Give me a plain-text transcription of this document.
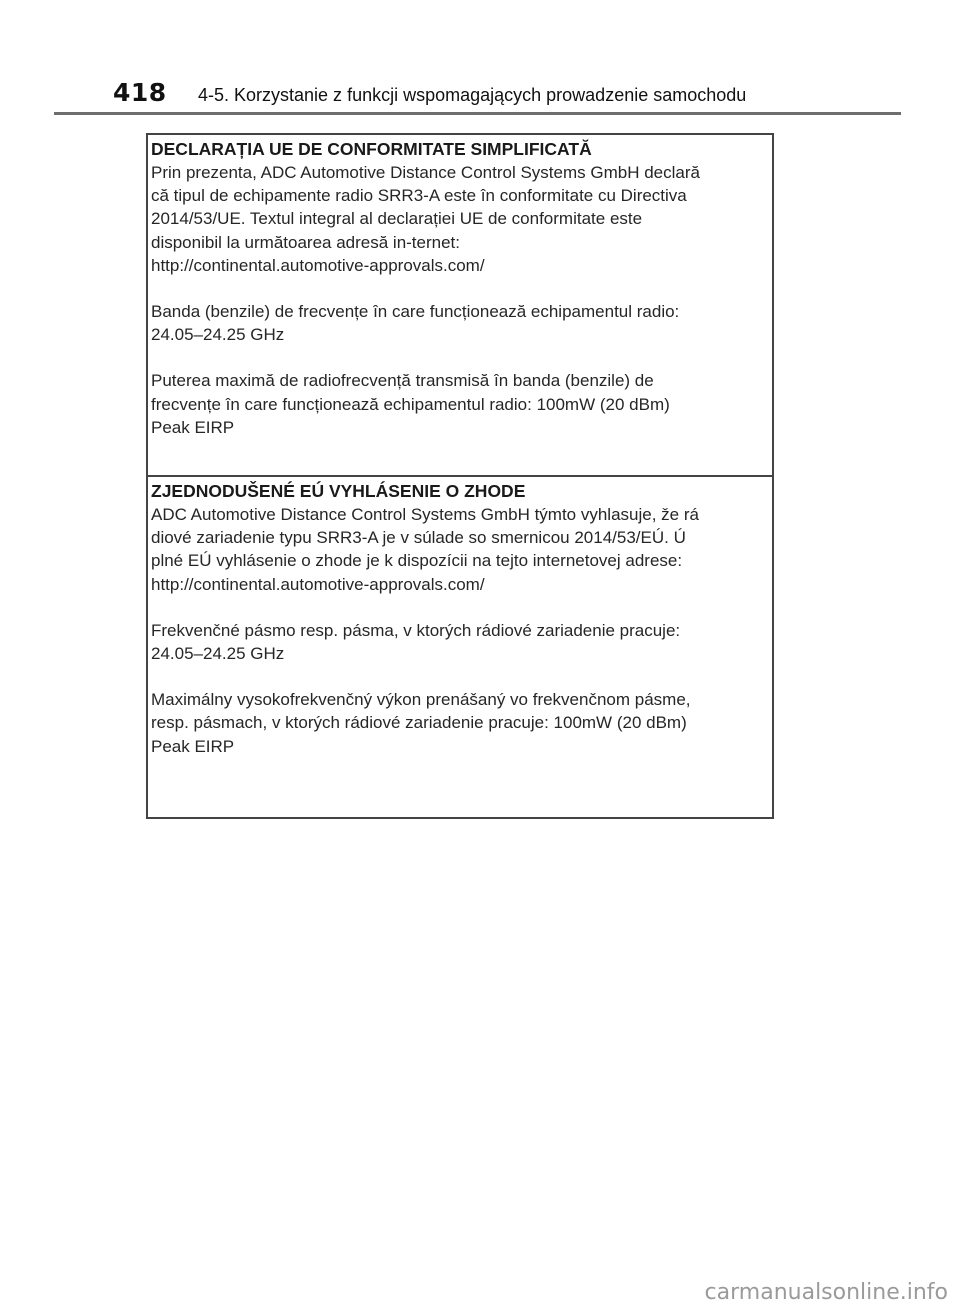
418 4-5. Korzystanie z funkcji wspomagających prowadzenie samochodu

DECLARAȚIA UE DE CONFORMITATE SIMPLIFICATĂ

Prin prezenta, ADC Automotive Distance Control Systems GmbH declară
că tipul de echipamente radio SRR3-A este în conformitate cu Directiva
2014/53/UE. Textul integral al declarației UE de conformitate este
disponibil la următoarea adresă in-ternet:
http://continental.automotive-approvals.com/

Banda (benzile) de frecvențe în care funcționează echipamentul radio:
24.05–24.25 GHz

Puterea maximă de radiofrecvență transmisă în banda (benzile) de
frecvențe în care funcționează echipamentul radio: 100mW (20 dBm)
Peak EIRP

ZJEDNODUŠENÉ EÚ VYHLÁSENIE O ZHODE

ADC Automotive Distance Control Systems GmbH týmto vyhlasuje, že rá
diové zariadenie typu SRR3-A je v súlade so smernicou 2014/53/EÚ. Ú
plné EÚ vyhlásenie o zhode je k dispozícii na tejto internetovej adrese:
http://continental.automotive-approvals.com/

Frekvenčné pásmo resp. pásma, v ktorých rádiové zariadenie pracuje:
24.05–24.25 GHz

Maximálny vysokofrekvenčný výkon prenášaný vo frekvenčnom pásme,
resp. pásmach, v ktorých rádiové zariadenie pracuje: 100mW (20 dBm)
Peak EIRP

carmanualsonline.info
